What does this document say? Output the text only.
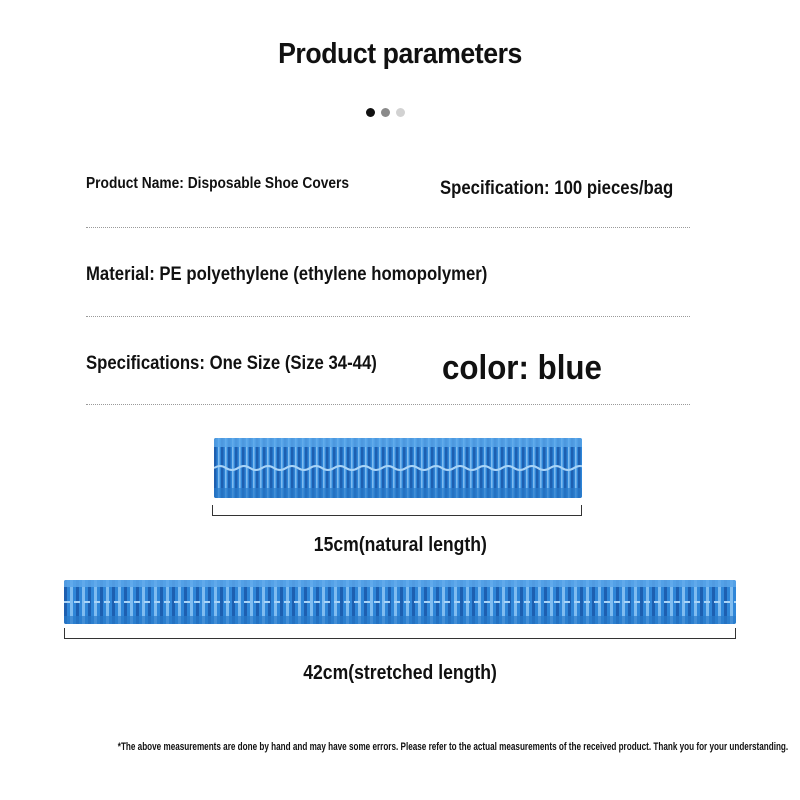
Product parameters
Product Name: Disposable Shoe Covers	Specification: 100 pieces/bag
Material: PE polyethylene (ethylene homopolymer)
Specifications: One Size (Size 34-44) color: blue
15cm(natural length)
42cm(stretched length)
*The above measurements are done by hand and may have some errors. Please refer to the actual measurements of the received product. Thank you for your understanding.
